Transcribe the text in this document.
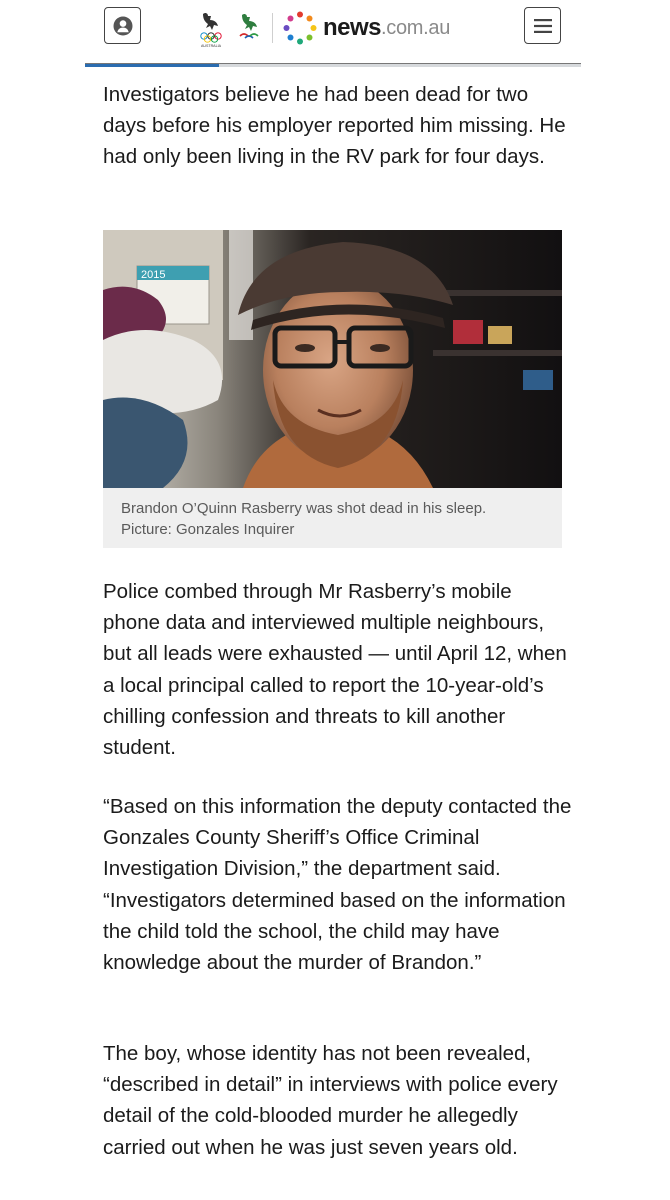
AUSTRALIA
news .com.au

Investigators believe he had been dead for two days before his employer reported him missing. He had only been living in the RV park for four days.

2015

Brandon O’Quinn Rasberry was shot dead in his sleep.
Picture: Gonzales Inquirer

Police combed through Mr Rasberry’s mobile phone data and interviewed multiple neighbours, but all leads were exhausted — until April 12, when a local principal called to report the 10-year-old’s chilling confession and threats to kill another student.

“Based on this information the deputy contacted the Gonzales County Sheriff’s Office Criminal Investigation Division,” the department said. “Investigators determined based on the information the child told the school, the child may have knowledge about the murder of Brandon.”

The boy, whose identity has not been revealed, “described in detail” in interviews with police every detail of the cold-blooded murder he allegedly carried out when he was just seven years old.
